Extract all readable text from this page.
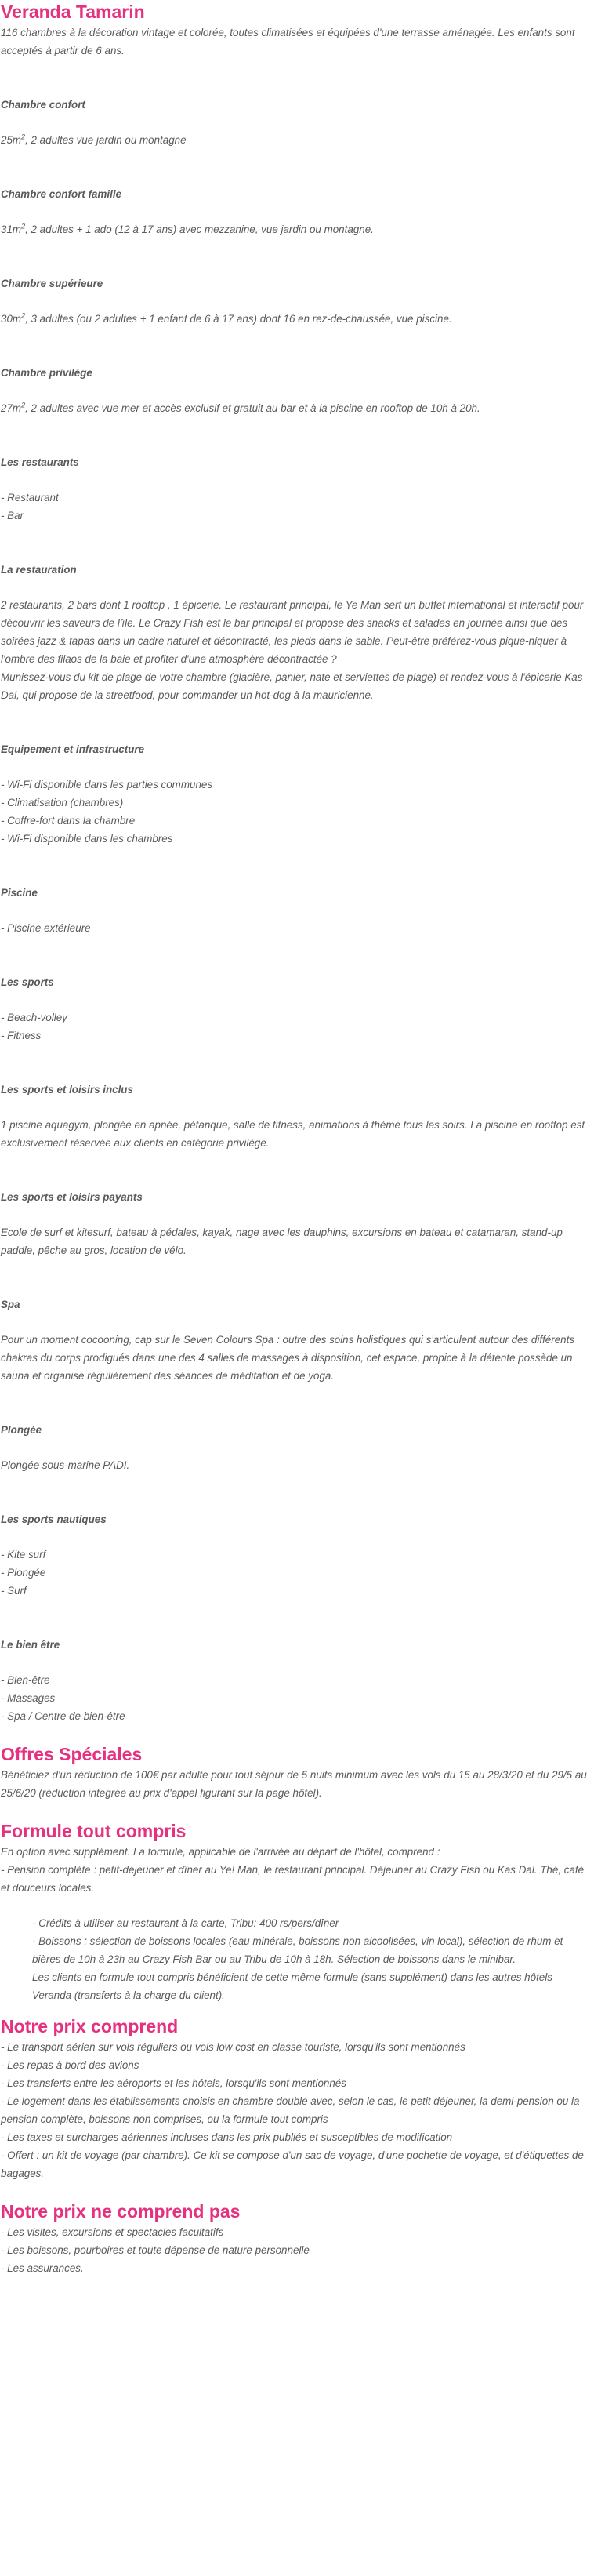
Veranda Tamarin

116 chambres à la décoration vintage et colorée, toutes climatisées et équipées d'une terrasse aménagée. Les enfants sont acceptés à partir de 6 ans.

Chambre confort

$25m^2$, 2 adultes vue jardin ou montagne

Chambre confort famille

$31m^2$, 2 adultes + 1 ado (12 à 17 ans) avec mezzanine, vue jardin ou montagne.

Chambre supérieure

$30m^2$, 3 adultes (ou 2 adultes + 1 enfant de 6 à 17 ans) dont 16 en rez-de-chaussée, vue piscine.

Chambre privilège

$27m^2$, 2 adultes avec vue mer et accès exclusif et gratuit au bar et à la piscine en rooftop de 10h à 20h.

Les restaurants
- Restaurant
- Bar
La restauration

2 restaurants, 2 bars dont 1 rooftop , 1 épicerie. Le restaurant principal, le Ye Man sert un buffet international et interactif pour découvrir les saveurs de l'île. Le Crazy Fish est le bar principal et propose des snacks et salades en journée ainsi que des soirées jazz & tapas dans un cadre naturel et décontracté, les pieds dans le sable. Peut-être préférez-vous pique-niquer à l'ombre des filaos de la baie et profiter d'une atmosphère décontractée ?

Munissez-vous du kit de plage de votre chambre (glacière, panier, nate et serviettes de plage) et rendez-vous à l'épicerie Kas Dal, qui propose de la streetfood, pour commander un hot-dog à la mauricienne.

Equipement et infrastructure
- Wi-Fi disponible dans les parties communes
- Climatisation (chambres)
- Coffre-fort dans la chambre
- Wi-Fi disponible dans les chambres
Piscine
- Piscine extérieure
Les sports
- Beach-volley
- Fitness
Les sports et loisirs inclus

1 piscine aquagym, plongée en apnée, pétanque, salle de fitness, animations à thème tous les soirs. La piscine en rooftop est exclusivement réservée aux clients en catégorie privilège.

Les sports et loisirs payants

Ecole de surf et kitesurf, bateau à pédales, kayak, nage avec les dauphins, excursions en bateau et catamaran, stand-up paddle, pêche au gros, location de vélo.

Spa

Pour un moment cocooning, cap sur le Seven Colours Spa : outre des soins holistiques qui s'articulent autour des différents chakras du corps prodigués dans une des 4 salles de massages à disposition, cet espace, propice à la détente possède un sauna et organise régulièrement des séances de méditation et de yoga.

Plongée

Plongée sous-marine PADI.

Les sports nautiques
- Kite surf
- Plongée
- Surf
Le bien être
- Bien-être
- Massages
- Spa / Centre de bien-être
Offres Spéciales

Bénéficiez d'un réduction de 100€ par adulte pour tout séjour de 5 nuits minimum avec les vols du 15 au 28/3/20 et du 29/5 au 25/6/20 (réduction integrée au prix d'appel figurant sur la page hôtel).

Formule tout compris

En option avec supplément. La formule, applicable de l'arrivée au départ de l'hôtel, comprend :

- Pension complète : petit-déjeuner et dîner au Ye! Man, le restaurant principal. Déjeuner au Crazy Fish ou Kas Dal. Thé, café et douceurs locales.

- Crédits à utiliser au restaurant à la carte, Tribu: 400 rs/pers/dîner

- Boissons : sélection de boissons locales (eau minérale, boissons non alcoolisées, vin local), sélection de rhum et bières de 10h à 23h au Crazy Fish Bar ou au Tribu de 10h à 18h. Sélection de boissons dans le minibar.

Les clients en formule tout compris bénéficient de cette même formule (sans supplément) dans les autres hôtels Veranda (transferts à la charge du client).

Notre prix comprend
- Le transport aérien sur vols réguliers ou vols low cost en classe touriste, lorsqu'ils sont mentionnés
- Les repas à bord des avions
- Les transferts entre les aéroports et les hôtels, lorsqu'ils sont mentionnés
- Le logement dans les établissements choisis en chambre double avec, selon le cas, le petit déjeuner, la demi-pension ou la pension complète, boissons non comprises, ou la formule tout compris
- Les taxes et surcharges aériennes incluses dans les prix publiés et susceptibles de modification
- Offert : un kit de voyage (par chambre). Ce kit se compose d'un sac de voyage, d'une pochette de voyage, et d'étiquettes de bagages.
Notre prix ne comprend pas
- Les visites, excursions et spectacles facultatifs
- Les boissons, pourboires et toute dépense de nature personnelle
- Les assurances.
